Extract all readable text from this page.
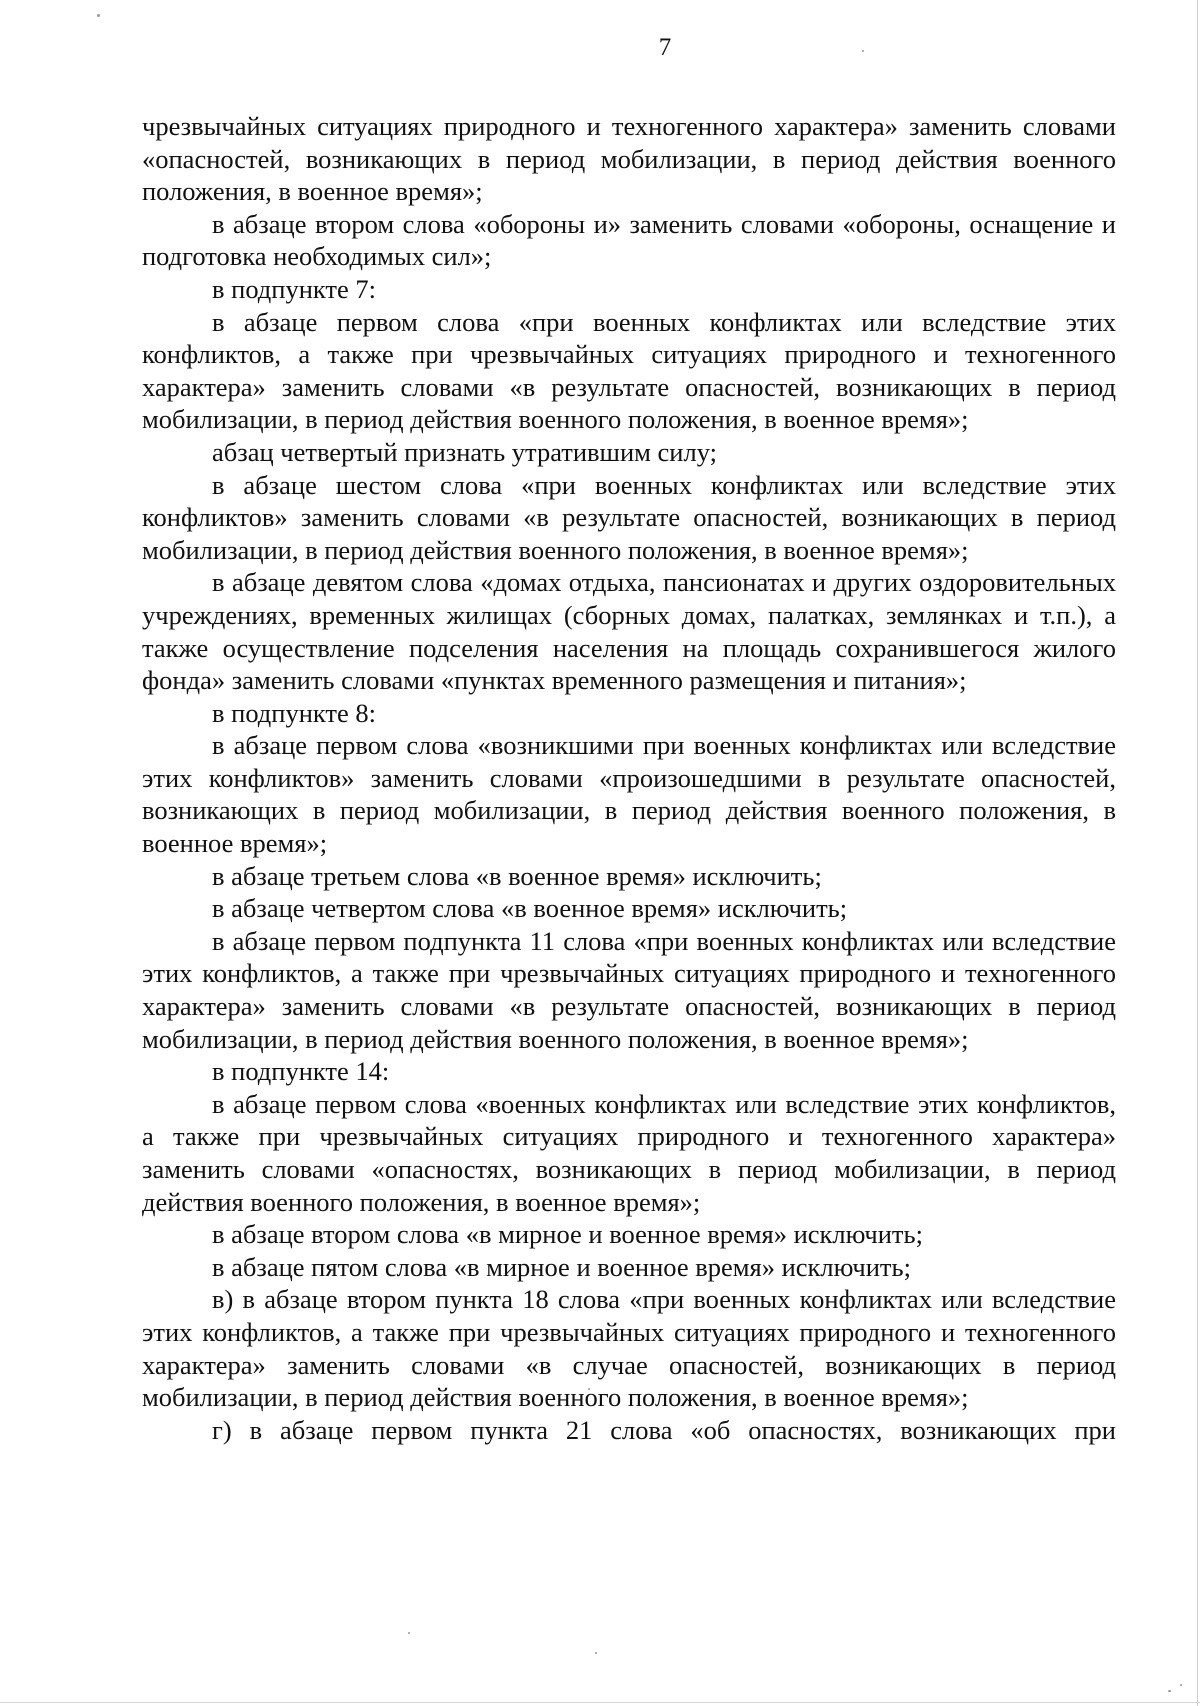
7

чрезвычайных ситуациях природного и техногенного характера» заменить словами «опасностей, возникающих в период мобилизации, в период действия военного положения, в военное время»;

в абзаце втором слова «обороны и» заменить словами «обороны, оснащение и подготовка необходимых сил»;

в подпункте 7:

в абзаце первом слова «при военных конфликтах или вследствие этих конфликтов, а также при чрезвычайных ситуациях природного и техногенного характера» заменить словами «в результате опасностей, возникающих в период мобилизации, в период действия военного положения, в военное время»;

абзац четвертый признать утратившим силу;

в абзаце шестом слова «при военных конфликтах или вследствие этих конфликтов» заменить словами «в результате опасностей, возникающих в период мобилизации, в период действия военного положения, в военное время»;

в абзаце девятом слова «домах отдыха, пансионатах и других оздоровительных учреждениях, временных жилищах (сборных домах, палатках, землянках и т.п.), а также осуществление подселения населения на площадь сохранившегося жилого фонда» заменить словами «пунктах временного размещения и питания»;

в подпункте 8:

в абзаце первом слова «возникшими при военных конфликтах или вследствие этих конфликтов» заменить словами «произошедшими в результате опасностей, возникающих в период мобилизации, в период действия военного положения, в военное время»;

в абзаце третьем слова «в военное время» исключить;

в абзаце четвертом слова «в военное время» исключить;

в абзаце первом подпункта 11 слова «при военных конфликтах или вследствие этих конфликтов, а также при чрезвычайных ситуациях природного и техногенного характера» заменить словами «в результате опасностей, возникающих в период мобилизации, в период действия военного положения, в военное время»;

в подпункте 14:

в абзаце первом слова «военных конфликтах или вследствие этих конфликтов, а также при чрезвычайных ситуациях природного и техногенного характера» заменить словами «опасностях, возникающих в период мобилизации, в период действия военного положения, в военное время»;

в абзаце втором слова «в мирное и военное время» исключить;

в абзаце пятом слова «в мирное и военное время» исключить;

в) в абзаце втором пункта 18 слова «при военных конфликтах или вследствие этих конфликтов, а также при чрезвычайных ситуациях природного и техногенного характера» заменить словами «в случае опасностей, возникающих в период мобилизации, в период действия военного положения, в военное время»;

г) в абзаце первом пункта 21 слова «об опасностях, возникающих при
